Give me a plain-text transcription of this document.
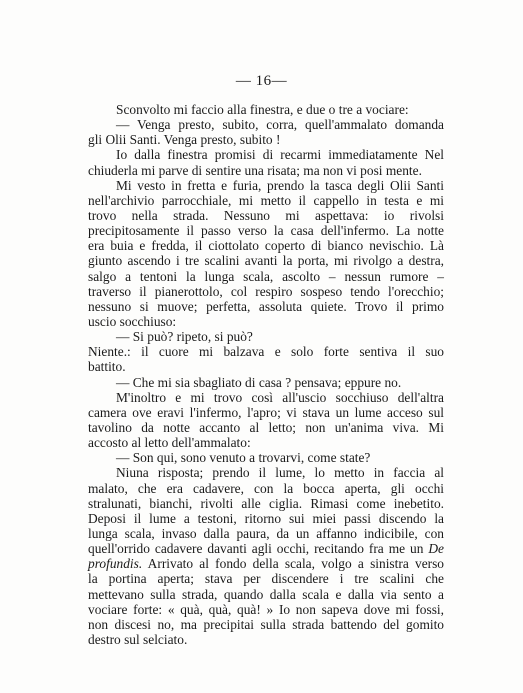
— 16—
Sconvolto mi faccio alla finestra, e due o tre a vociare:
— Venga presto, subito, corra, quell'ammalato domanda
gli Olii Santi. Venga presto, subito !
Io dalla finestra promisi di recarmi immediatamente Nel
chiuderla mi parve di sentire una risata; ma non vi posi mente.
Mi vesto in fretta e furia, prendo la tasca degli Olii Santi
nell'archivio parrocchiale, mi metto il cappello in testa e mi
trovo nella strada. Nessuno mi aspettava: io rivolsi
precipitosamente il passo verso la casa dell'infermo. La notte
era buia e fredda, il ciottolato coperto di bianco nevischio. Là
giunto ascendo i tre scalini avanti la porta, mi rivolgo a destra,
salgo a tentoni la lunga scala, ascolto – nessun rumore –
traverso il pianerottolo, col respiro sospeso tendo l'orecchio;
nessuno si muove; perfetta, assoluta quiete. Trovo il primo
uscio socchiuso:
— Si può? ripeto, si può?
Niente.: il cuore mi balzava e solo forte sentiva il suo
battito.
— Che mi sia sbagliato di casa ? pensava; eppure no.
M'inoltro e mi trovo così all'uscio socchiuso dell'altra
camera ove eravi l'infermo, l'apro; vi stava un lume acceso sul
tavolino da notte accanto al letto; non un'anima viva. Mi
accosto al letto dell'ammalato:
— Son qui, sono venuto a trovarvi, come state?
Niuna risposta; prendo il lume, lo metto in faccia al
malato, che era cadavere, con la bocca aperta, gli occhi
stralunati, bianchi, rivolti alle ciglia. Rimasi come inebetito.
Deposi il lume a testoni, ritorno sui miei passi discendo la
lunga scala, invaso dalla paura, da un affanno indicibile, con
quell'orrido cadavere davanti agli occhi, recitando fra me un De
profundis. Arrivato al fondo della scala, volgo a sinistra verso
la portina aperta; stava per discendere i tre scalini che
mettevano sulla strada, quando dalla scala e dalla via sento a
vociare forte: « quà, quà, quà! » Io non sapeva dove mi fossi,
non discesi no, ma precipitai sulla strada battendo del gomito
destro sul selciato.
